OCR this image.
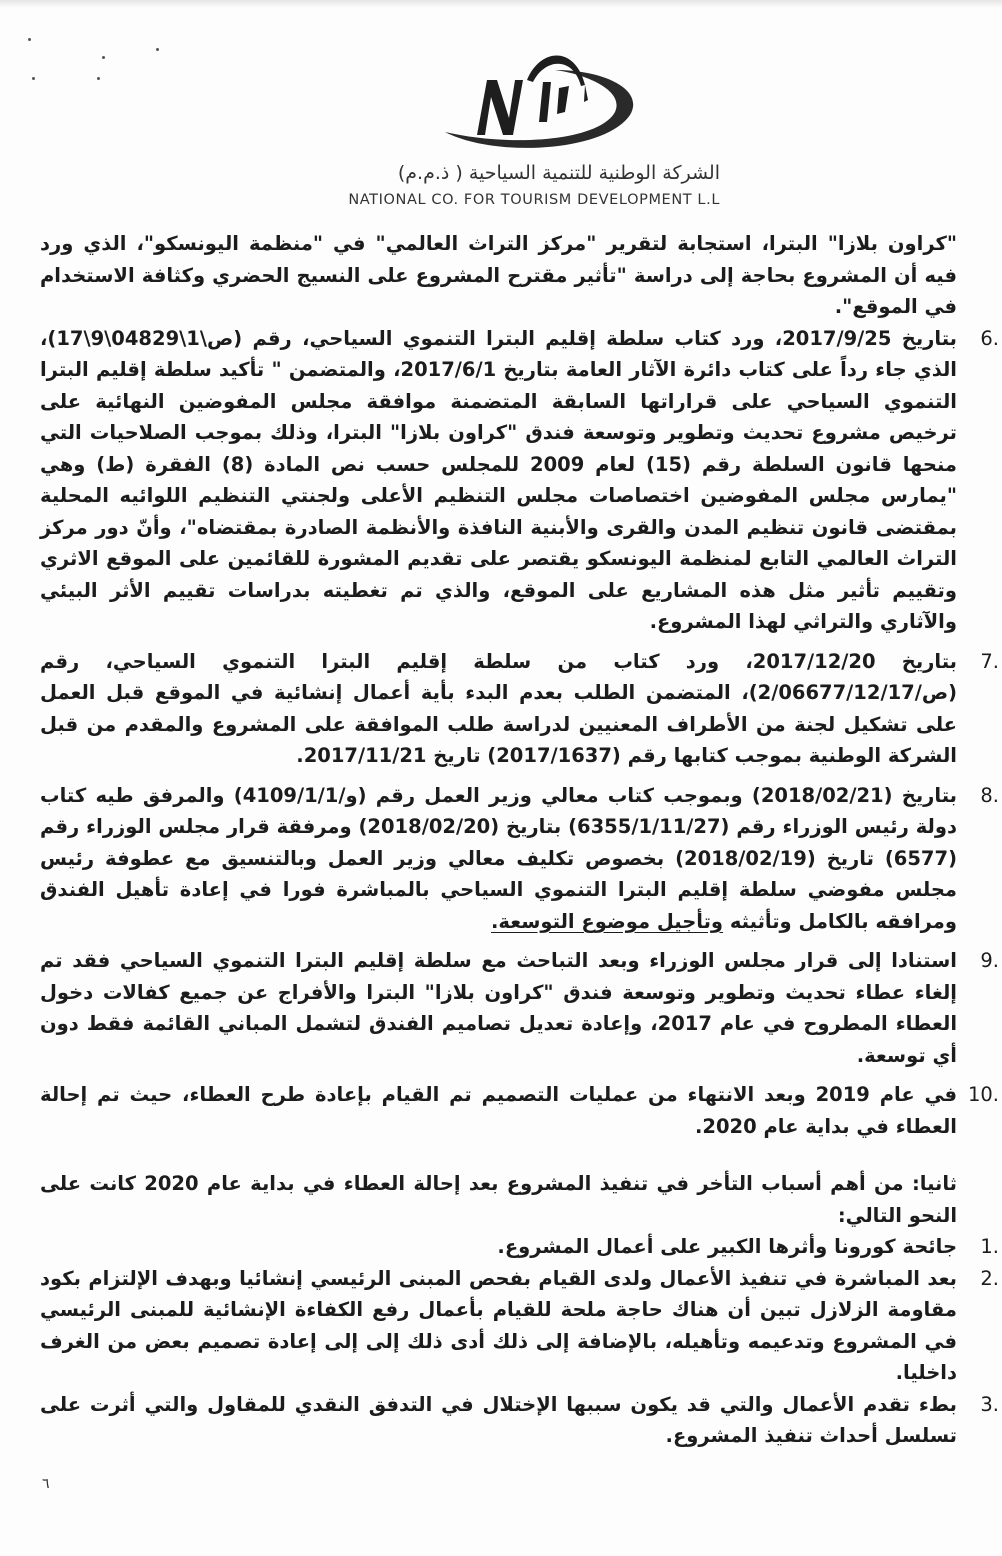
الشركة الوطنية للتنمية السياحية ( ذ.م.م)
NATIONAL CO. FOR TOURISM DEVELOPMENT L.L

"كراون بلازا" البترا، استجابة لتقرير "مركز التراث العالمي" في "منظمة اليونسكو"، الذي ورد فيه أن المشروع بحاجة إلى دراسة "تأثير مقترح المشروع على النسيج الحضري وكثافة الاستخدام في الموقع".

6.
بتاريخ 2017/9/25، ورد كتاب سلطة إقليم البترا التنموي السياحي، رقم (ص\1\04829\9\17)، الذي جاء رداً على كتاب دائرة الآثار العامة بتاريخ 2017/6/1، والمتضمن " تأكيد سلطة إقليم البترا التنموي السياحي على قراراتها السابقة المتضمنة موافقة مجلس المفوضين النهائية على ترخيص مشروع تحديث وتطوير وتوسعة فندق "كراون بلازا" البترا، وذلك بموجب الصلاحيات التي منحها قانون السلطة رقم (15) لعام 2009 للمجلس حسب نص المادة (8) الفقرة (ط) وهي "يمارس مجلس المفوضين اختصاصات مجلس التنظيم الأعلى ولجنتي التنظيم اللوائيه المحلية بمقتضى قانون تنظيم المدن والقرى والأبنية النافذة والأنظمة الصادرة بمقتضاه"، وأنّ دور مركز التراث العالمي التابع لمنظمة اليونسكو يقتصر على تقديم المشورة للقائمين على الموقع الاثري وتقييم تأثير مثل هذه المشاريع على الموقع، والذي تم تغطيته بدراسات تقييم الأثر البيئي والآثاري والتراثي لهذا المشروع.
7.
بتاريخ 2017/12/20، ورد كتاب من سلطة إقليم البترا التنموي السياحي، رقم (ص/2/06677/12/17)، المتضمن الطلب بعدم البدء بأية أعمال إنشائية في الموقع قبل العمل على تشكيل لجنة من الأطراف المعنيين لدراسة طلب الموافقة على المشروع والمقدم من قبل الشركة الوطنية بموجب كتابها رقم (2017/1637) تاريخ 2017/11/21.
8.
بتاريخ (2018/02/21) وبموجب كتاب معالي وزير العمل رقم (و/4109/1/1) والمرفق طيه كتاب دولة رئيس الوزراء رقم (6355/1/11/27) بتاريخ (2018/02/20) ومرفقة قرار مجلس الوزراء رقم (6577) تاريخ (2018/02/19) بخصوص تكليف معالي وزير العمل وبالتنسيق مع عطوفة رئيس مجلس مفوضي سلطة إقليم البترا التنموي السياحي بالمباشرة فورا في إعادة تأهيل الفندق ومرافقه بالكامل وتأثيثه وتأجيل موضوع التوسعة.
9.
استنادا إلى قرار مجلس الوزراء وبعد التباحث مع سلطة إقليم البترا التنموي السياحي فقد تم إلغاء عطاء تحديث وتطوير وتوسعة فندق "كراون بلازا" البترا والأفراج عن جميع كفالات دخول العطاء المطروح في عام 2017، وإعادة تعديل تصاميم الفندق لتشمل المباني القائمة فقط دون أي توسعة.
10.
في عام 2019 وبعد الانتهاء من عمليات التصميم تم القيام بإعادة طرح العطاء، حيث تم إحالة العطاء في بداية عام 2020.

ثانيا: من أهم أسباب التأخر في تنفيذ المشروع بعد إحالة العطاء في بداية عام 2020 كانت على النحو التالي:

1.
جائحة كورونا وأثرها الكبير على أعمال المشروع.
2.
بعد المباشرة في تنفيذ الأعمال ولدى القيام بفحص المبنى الرئيسي إنشائيا وبهدف الإلتزام بكود مقاومة الزلازل تبين أن هناك حاجة ملحة للقيام بأعمال رفع الكفاءة الإنشائية للمبنى الرئيسي في المشروع وتدعيمه وتأهيله، بالإضافة إلى ذلك أدى ذلك إلى إلى إعادة تصميم بعض من الغرف داخليا.
3.
بطء تقدم الأعمال والتي قد يكون سببها الإختلال في التدفق النقدي للمقاول والتي أثرت على تسلسل أحداث تنفيذ المشروع.
٦
